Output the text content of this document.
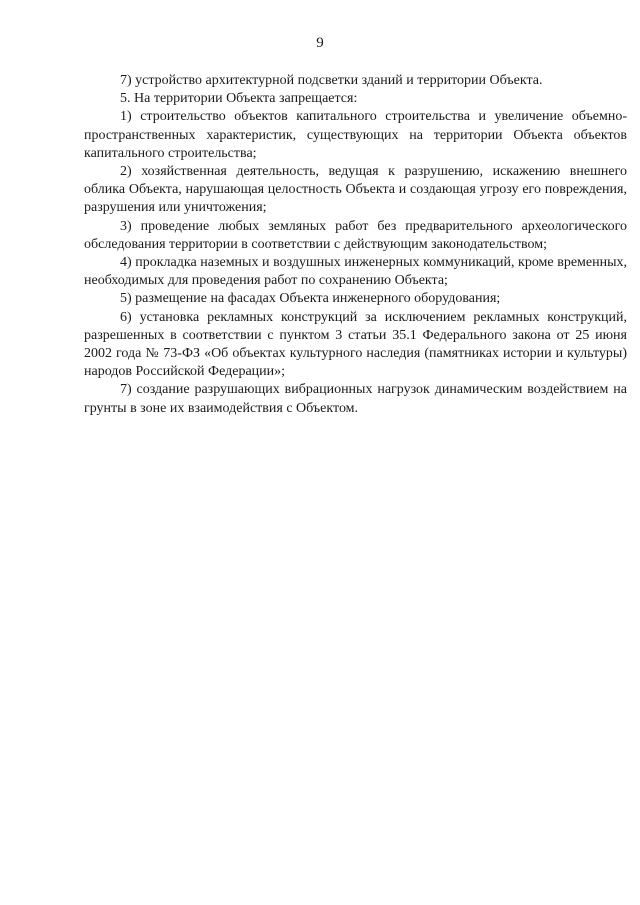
9

7) устройство архитектурной подсветки зданий и территории Объекта.

5. На территории Объекта запрещается:

1) строительство объектов капитального строительства и увеличение объемно-пространственных характеристик, существующих на территории Объекта объектов капитального строительства;

2) хозяйственная деятельность, ведущая к разрушению, искажению внешнего облика Объекта, нарушающая целостность Объекта и создающая угрозу его повреждения, разрушения или уничтожения;

3) проведение любых земляных работ без предварительного археологического обследования территории в соответствии с действующим законодательством;

4) прокладка наземных и воздушных инженерных коммуникаций, кроме временных, необходимых для проведения работ по сохранению Объекта;

5) размещение на фасадах Объекта инженерного оборудования;

6) установка рекламных конструкций за исключением рекламных конструкций, разрешенных в соответствии с пунктом 3 статьи 35.1 Федерального закона от 25 июня 2002 года № 73-ФЗ «Об объектах культурного наследия (памятниках истории и культуры) народов Российской Федерации»;

7) создание разрушающих вибрационных нагрузок динамическим воздействием на грунты в зоне их взаимодействия с Объектом.
